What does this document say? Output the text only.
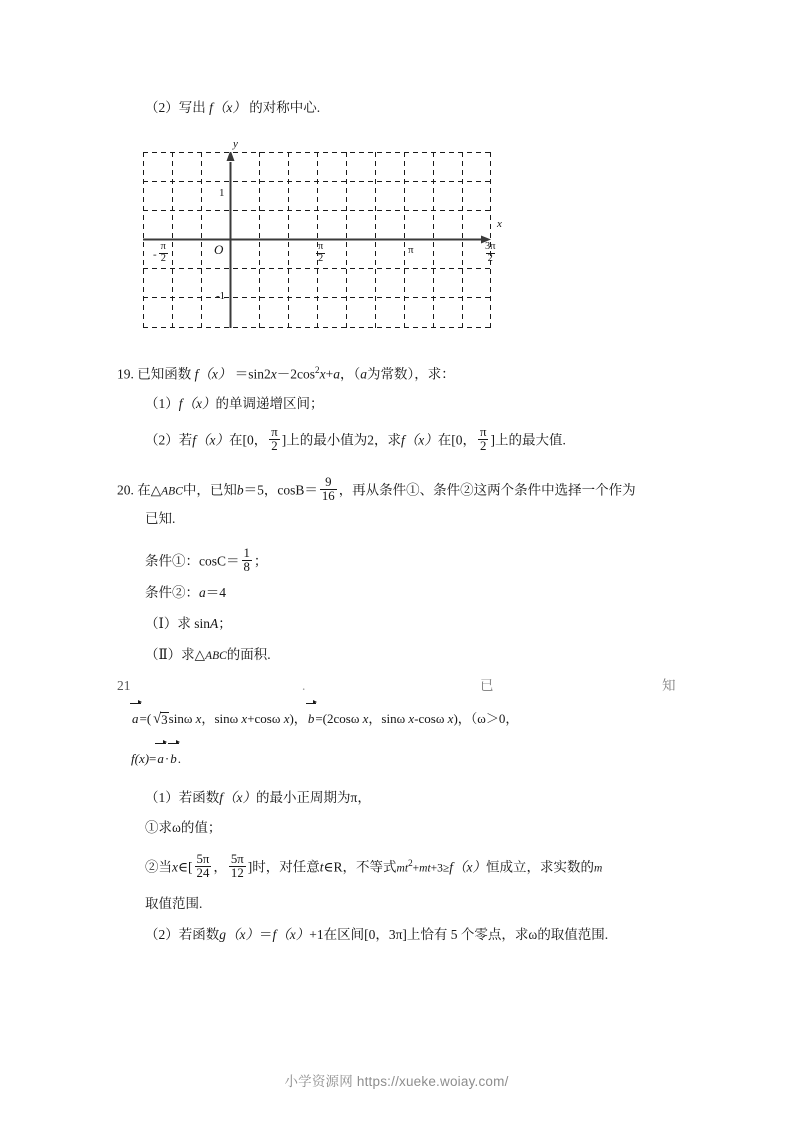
（2）写出 f（x） 的对称中心.
x
y
O
1
-1
- $\frac{\pi}{2}$	$\frac{\pi}{2}$	π	$\frac{3\pi}{2}$
19. 已知函数 $f(x) =\sin 2x-2\cos^2x+a$，（a为常数），求：
（1）f（x）的单调递增区间；
（2）若f（x）在[0， $\frac{\pi}{2}$ ]上的最小值为2，求f（x）在[0， $\frac{\pi}{2}$ ]上的最大值.
20. 在△ABC中，已知b＝5，$\cos B= \frac{9}{16}$ ，再从条件①、条件②这两个条件中选择一个作为
已知.
条件①：$\cos C= \frac{1}{8}$ ；
条件②：a＝4
（Ⅰ）求 sinA；
（Ⅱ）求△ABC的面积.
21	.	已	知
a=( √3sinω x，sinω x+cosω x)，b=(2cosω x，sinω x-cosω x)，（ω＞0，
f(x)=a·b.
（1）若函数f（x）的最小正周期为π，
①求ω的值；
②当x∈[ $\frac{5\pi}{24}$ ， $\frac{5\pi}{12}$ ]时，对任意t∈R，不等式$mt^2+mt+3\ge f(x)$恒成立，求实数的m
取值范围.
（2）若函数g（x）＝f（x）+1在区间[0，3π]上恰有 5 个零点，求ω的取值范围.
小学资源网 https://xueke.woiay.com/
